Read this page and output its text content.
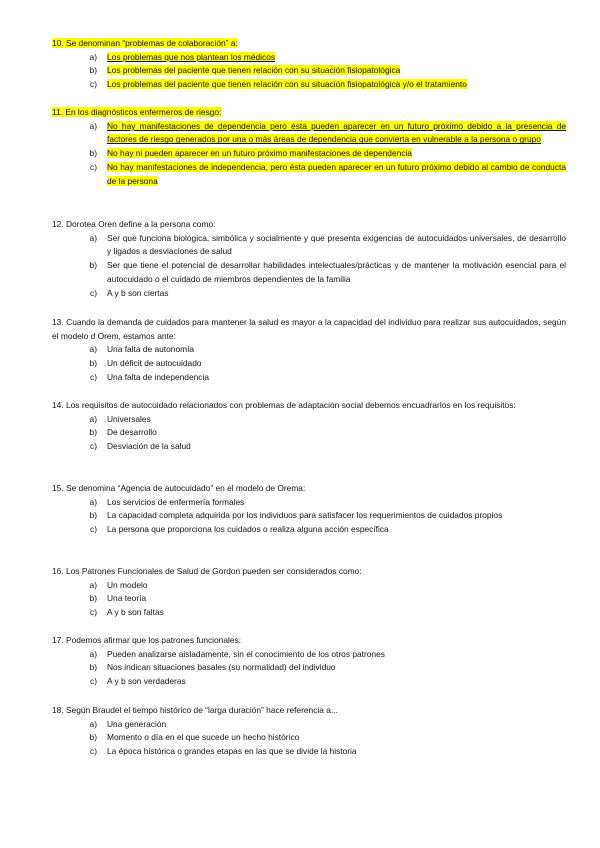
10. Se denominan “problemas de colaboración” a:
a)	Los problemas que nos plantean los médicos
b)	Los problemas del paciente que tienen relación con su situación fisiopatológica
c)	Los problemas del paciente que tienen relación con su situación fisiopatológica y/o el tratamiento
11. En los diagnósticos enfermeros de riesgo:
a)	No hay manifestaciones de dependencia pero ésta pueden aparecer en un futuro próximo debido a la presencia de factores de riesgo generados por una o más áreas de dependencia que convierta en vulnerable a la persona o grupo
b)	No hay ni pueden aparecer en un futuro próximo manifestaciones de dependencia
c)	No hay manifestaciones de independencia, pero ésta pueden aparecer en un futuro próximo debido al cambio de conducta de la persona
12. Dorotea Oren define a la persona como:
a)	Ser que funciona biológica, simbólica y socialmente y que presenta exigencias de autocuidados universales, de desarrollo y ligados a desviaciones de salud
b)	Ser que tiene el potencial de desarrollar habilidades intelectuales/prácticas y de mantener la motivación esencial para el autocuidado o el cuidado de miembros dependientes de la familia
c)	A y b son ciertas
13. Cuando la demanda de cuidados para mantener la salud es mayor a la capacidad del individuo para realizar sus autocuidados, según el modelo d Orem, estamos ante:
a)	Una falta de autonomía
b)	Un déficit de autocuidado
c)	Una falta de independencia
14. Los requisitos de autocuidado relacionados con problemas de adaptación social debemos encuadrarlos en los requisitos:
a)	Universales
b)	De desarrollo
c)	Desviación de la salud
15. Se denomina “Agencia de autocuidado” en el modelo de Orema:
a)	Los servicios de enfermería formales
b)	La capacidad completa adquirida por los individuos para satisfacer los requerimientos de cuidados propios
c)	La persona que proporciona los cuidados o realiza alguna acción específica
16. Los Patrones Funcionales de Salud de Gordon pueden ser considerados como:
a)	Un modelo
b)	Una teoría
c)	A y b son faltas
17. Podemos afirmar que los patrones funcionales:
a)	Pueden analizarse aisladamente, sin el conocimiento de los otros patrones
b)	Nos indican situaciones basales (su normalidad) del individuo
c)	A y b son verdaderas
18. Según Braudel el tiempo histórico de “larga duración” hace referencia a...
a)	Una generación
b)	Momento o día en el que sucede un hecho histórico
c)	La época histórica o grandes etapas en las que se divide la historia
